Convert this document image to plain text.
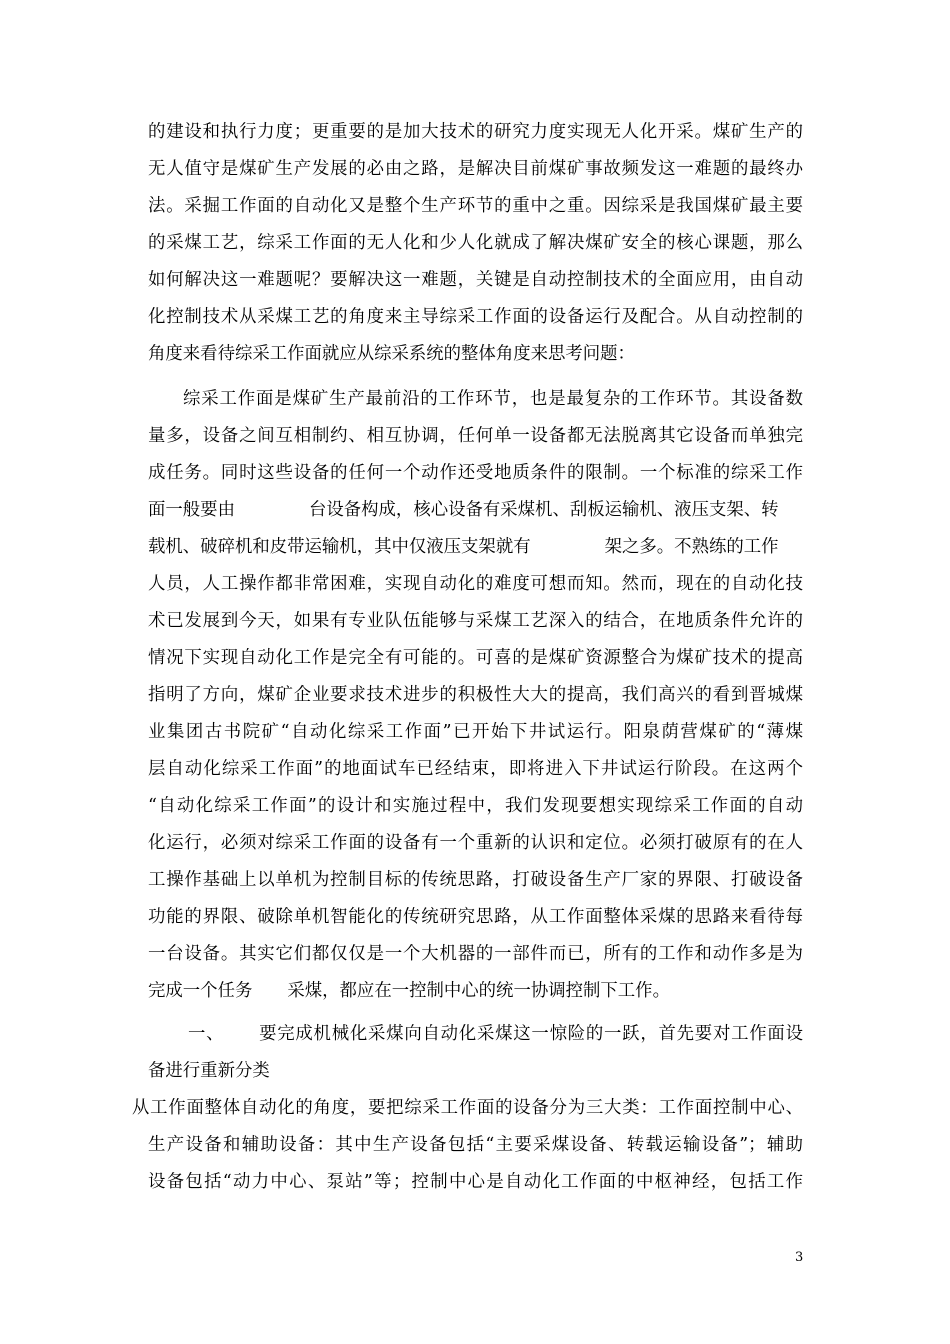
的建设和执行力度；更重要的是加大技术的研究力度实现无人化开采。煤矿生产的
无人值守是煤矿生产发展的必由之路，是解决目前煤矿事故频发这一难题的最终办
法。采掘工作面的自动化又是整个生产环节的重中之重。因综采是我国煤矿最主要
的采煤工艺，综采工作面的无人化和少人化就成了解决煤矿安全的核心课题，那么
如何解决这一难题呢？要解决这一难题，关键是自动控制技术的全面应用，由自动
化控制技术从采煤工艺的角度来主导综采工作面的设备运行及配合。从自动控制的
角度来看待综采工作面就应从综采系统的整体角度来思考问题：
综采工作面是煤矿生产最前沿的工作环节，也是最复杂的工作环节。其设备数
量多，设备之间互相制约、相互协调，任何单一设备都无法脱离其它设备而单独完
成任务。同时这些设备的任何一个动作还受地质条件的限制。一个标准的综采工作
面一般要由	台设备构成，核心设备有采煤机、刮板运输机、液压支架、转
载机、破碎机和皮带运输机，其中仅液压支架就有	架之多。不熟练的工作
人员，人工操作都非常困难，实现自动化的难度可想而知。然而，现在的自动化技
术已发展到今天，如果有专业队伍能够与采煤工艺深入的结合，在地质条件允许的
情况下实现自动化工作是完全有可能的。可喜的是煤矿资源整合为煤矿技术的提高
指明了方向，煤矿企业要求技术进步的积极性大大的提高，我们高兴的看到晋城煤
业集团古书院矿“自动化综采工作面”已开始下井试运行。阳泉荫营煤矿的“薄煤
层自动化综采工作面”的地面试车已经结束，即将进入下井试运行阶段。在这两个
“自动化综采工作面”的设计和实施过程中，我们发现要想实现综采工作面的自动
化运行，必须对综采工作面的设备有一个重新的认识和定位。必须打破原有的在人
工操作基础上以单机为控制目标的传统思路，打破设备生产厂家的界限、打破设备
功能的界限、破除单机智能化的传统研究思路，从工作面整体采煤的思路来看待每
一台设备。其实它们都仅仅是一个大机器的一部件而已，所有的工作和动作多是为
完成一个任务 采煤，都应在一控制中心的统一协调控制下工作。
一、 要完成机械化采煤向自动化采煤这一惊险的一跃，首先要对工作面设
备进行重新分类
从工作面整体自动化的角度，要把综采工作面的设备分为三大类：工作面控制中心、
生产设备和辅助设备：其中生产设备包括“主要采煤设备、转载运输设备”；辅助
设备包括“动力中心、泵站”等；控制中心是自动化工作面的中枢神经，包括工作
3
